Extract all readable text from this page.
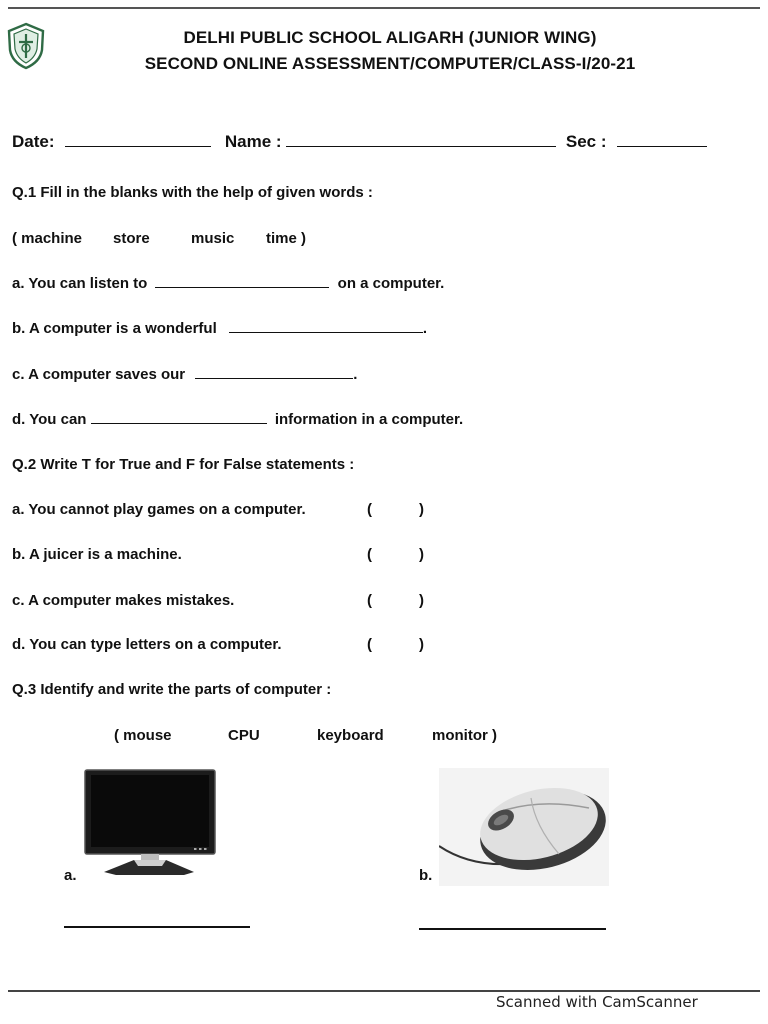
DELHI PUBLIC SCHOOL ALIGARH (JUNIOR WING)
SECOND ONLINE ASSESSMENT/COMPUTER/CLASS-I/20-21
Date:	Name :	Sec :
Q.1 Fill in the blanks with the help of given words :
( machine store	music time )
a. You can listen to	on a computer.
b. A computer is a wonderful	.
c. A computer saves our	.
d. You can	information in a computer.
Q.2 Write T for True and F for False statements :
a. You cannot play games on a computer.	(	)
b. A juicer is a machine.	(	)
c. A computer makes mistakes.	(	)
d. You can type letters on a computer.	(	)
Q.3 Identify and write the parts of computer :
( mouse	CPU	keyboard	monitor )
a.	b.
Scanned with CamScanner
